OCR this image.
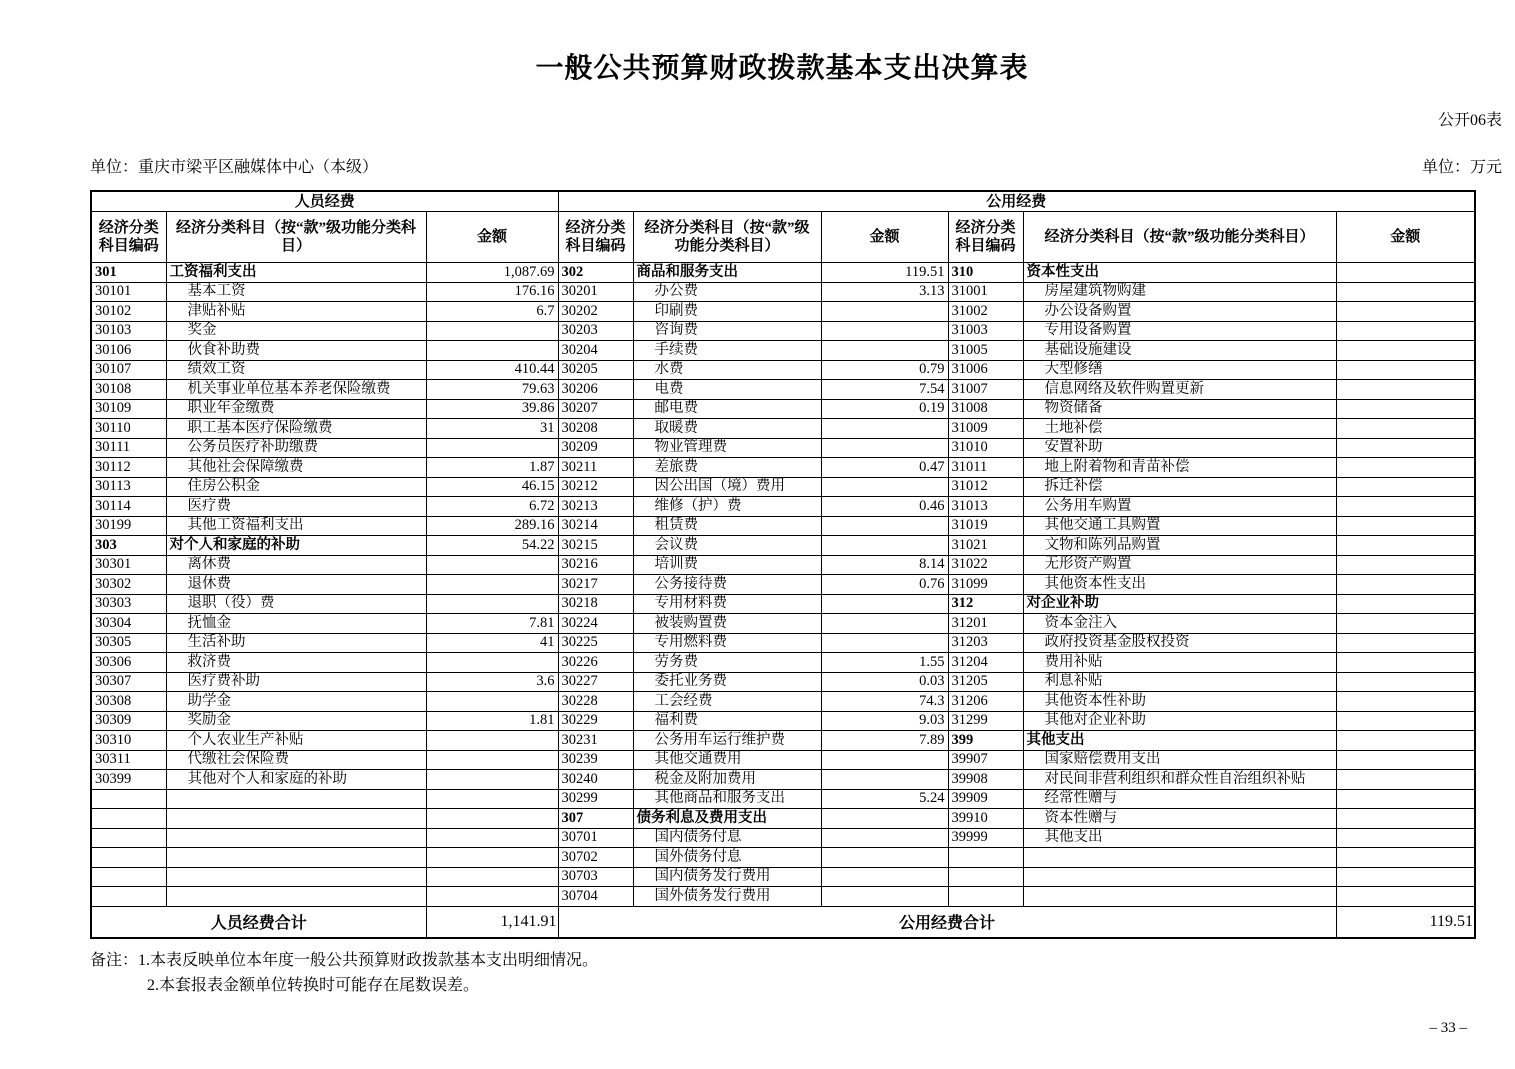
一般公共预算财政拨款基本支出决算表
公开06表
单位：重庆市梁平区融媒体中心（本级）	单位：万元
人员经费			公用经费					
经济分类科目编码	经济分类科目（按“款”级功能分类科目）	金额	经济分类科目编码	经济分类科目（按“款”级功能分类科目）	金额	经济分类科目编码	经济分类科目（按“款”级功能分类科目）	金额
301	工资福利支出	1,087.69	302	商品和服务支出	119.51	310	资本性支出	
30101	基本工资	176.16	30201	办公费	3.13	31001	房屋建筑物购建	
30102	津贴补贴	6.7	30202	印刷费		31002	办公设备购置	
30103	奖金		30203	咨询费		31003	专用设备购置	
30106	伙食补助费		30204	手续费		31005	基础设施建设	
30107	绩效工资	410.44	30205	水费	0.79	31006	大型修缮	
30108	机关事业单位基本养老保险缴费	79.63	30206	电费	7.54	31007	信息网络及软件购置更新	
30109	职业年金缴费	39.86	30207	邮电费	0.19	31008	物资储备	
30110	职工基本医疗保险缴费	31	30208	取暖费		31009	土地补偿	
30111	公务员医疗补助缴费		30209	物业管理费		31010	安置补助	
30112	其他社会保障缴费	1.87	30211	差旅费	0.47	31011	地上附着物和青苗补偿	
30113	住房公积金	46.15	30212	因公出国（境）费用		31012	拆迁补偿	
30114	医疗费	6.72	30213	维修（护）费	0.46	31013	公务用车购置	
30199	其他工资福利支出	289.16	30214	租赁费		31019	其他交通工具购置	
303	对个人和家庭的补助	54.22	30215	会议费		31021	文物和陈列品购置	
30301	离休费		30216	培训费	8.14	31022	无形资产购置	
30302	退休费		30217	公务接待费	0.76	31099	其他资本性支出	
30303	退职（役）费		30218	专用材料费		312	对企业补助	
30304	抚恤金	7.81	30224	被装购置费		31201	资本金注入	
30305	生活补助	41	30225	专用燃料费		31203	政府投资基金股权投资	
30306	救济费		30226	劳务费	1.55	31204	费用补贴	
30307	医疗费补助	3.6	30227	委托业务费	0.03	31205	利息补贴	
30308	助学金		30228	工会经费	74.3	31206	其他资本性补助	
30309	奖励金	1.81	30229	福利费	9.03	31299	其他对企业补助	
30310	个人农业生产补贴		30231	公务用车运行维护费	7.89	399	其他支出	
30311	代缴社会保险费		30239	其他交通费用		39907	国家赔偿费用支出	
30399	其他对个人和家庭的补助		30240	税金及附加费用		39908	对民间非营利组织和群众性自治组织补贴	
			30299	其他商品和服务支出	5.24	39909	经常性赠与	
			307	债务利息及费用支出		39910	资本性赠与	
			30701	国内债务付息		39999	其他支出	
			30702	国外债务付息				
			30703	国内债务发行费用				
			30704	国外债务发行费用				
人员经费合计		1,141.91	公用经费合计					119.51
备注：1.本表反映单位本年度一般公共预算财政拨款基本支出明细情况。
2.本套报表金额单位转换时可能存在尾数误差。
– 33 –
